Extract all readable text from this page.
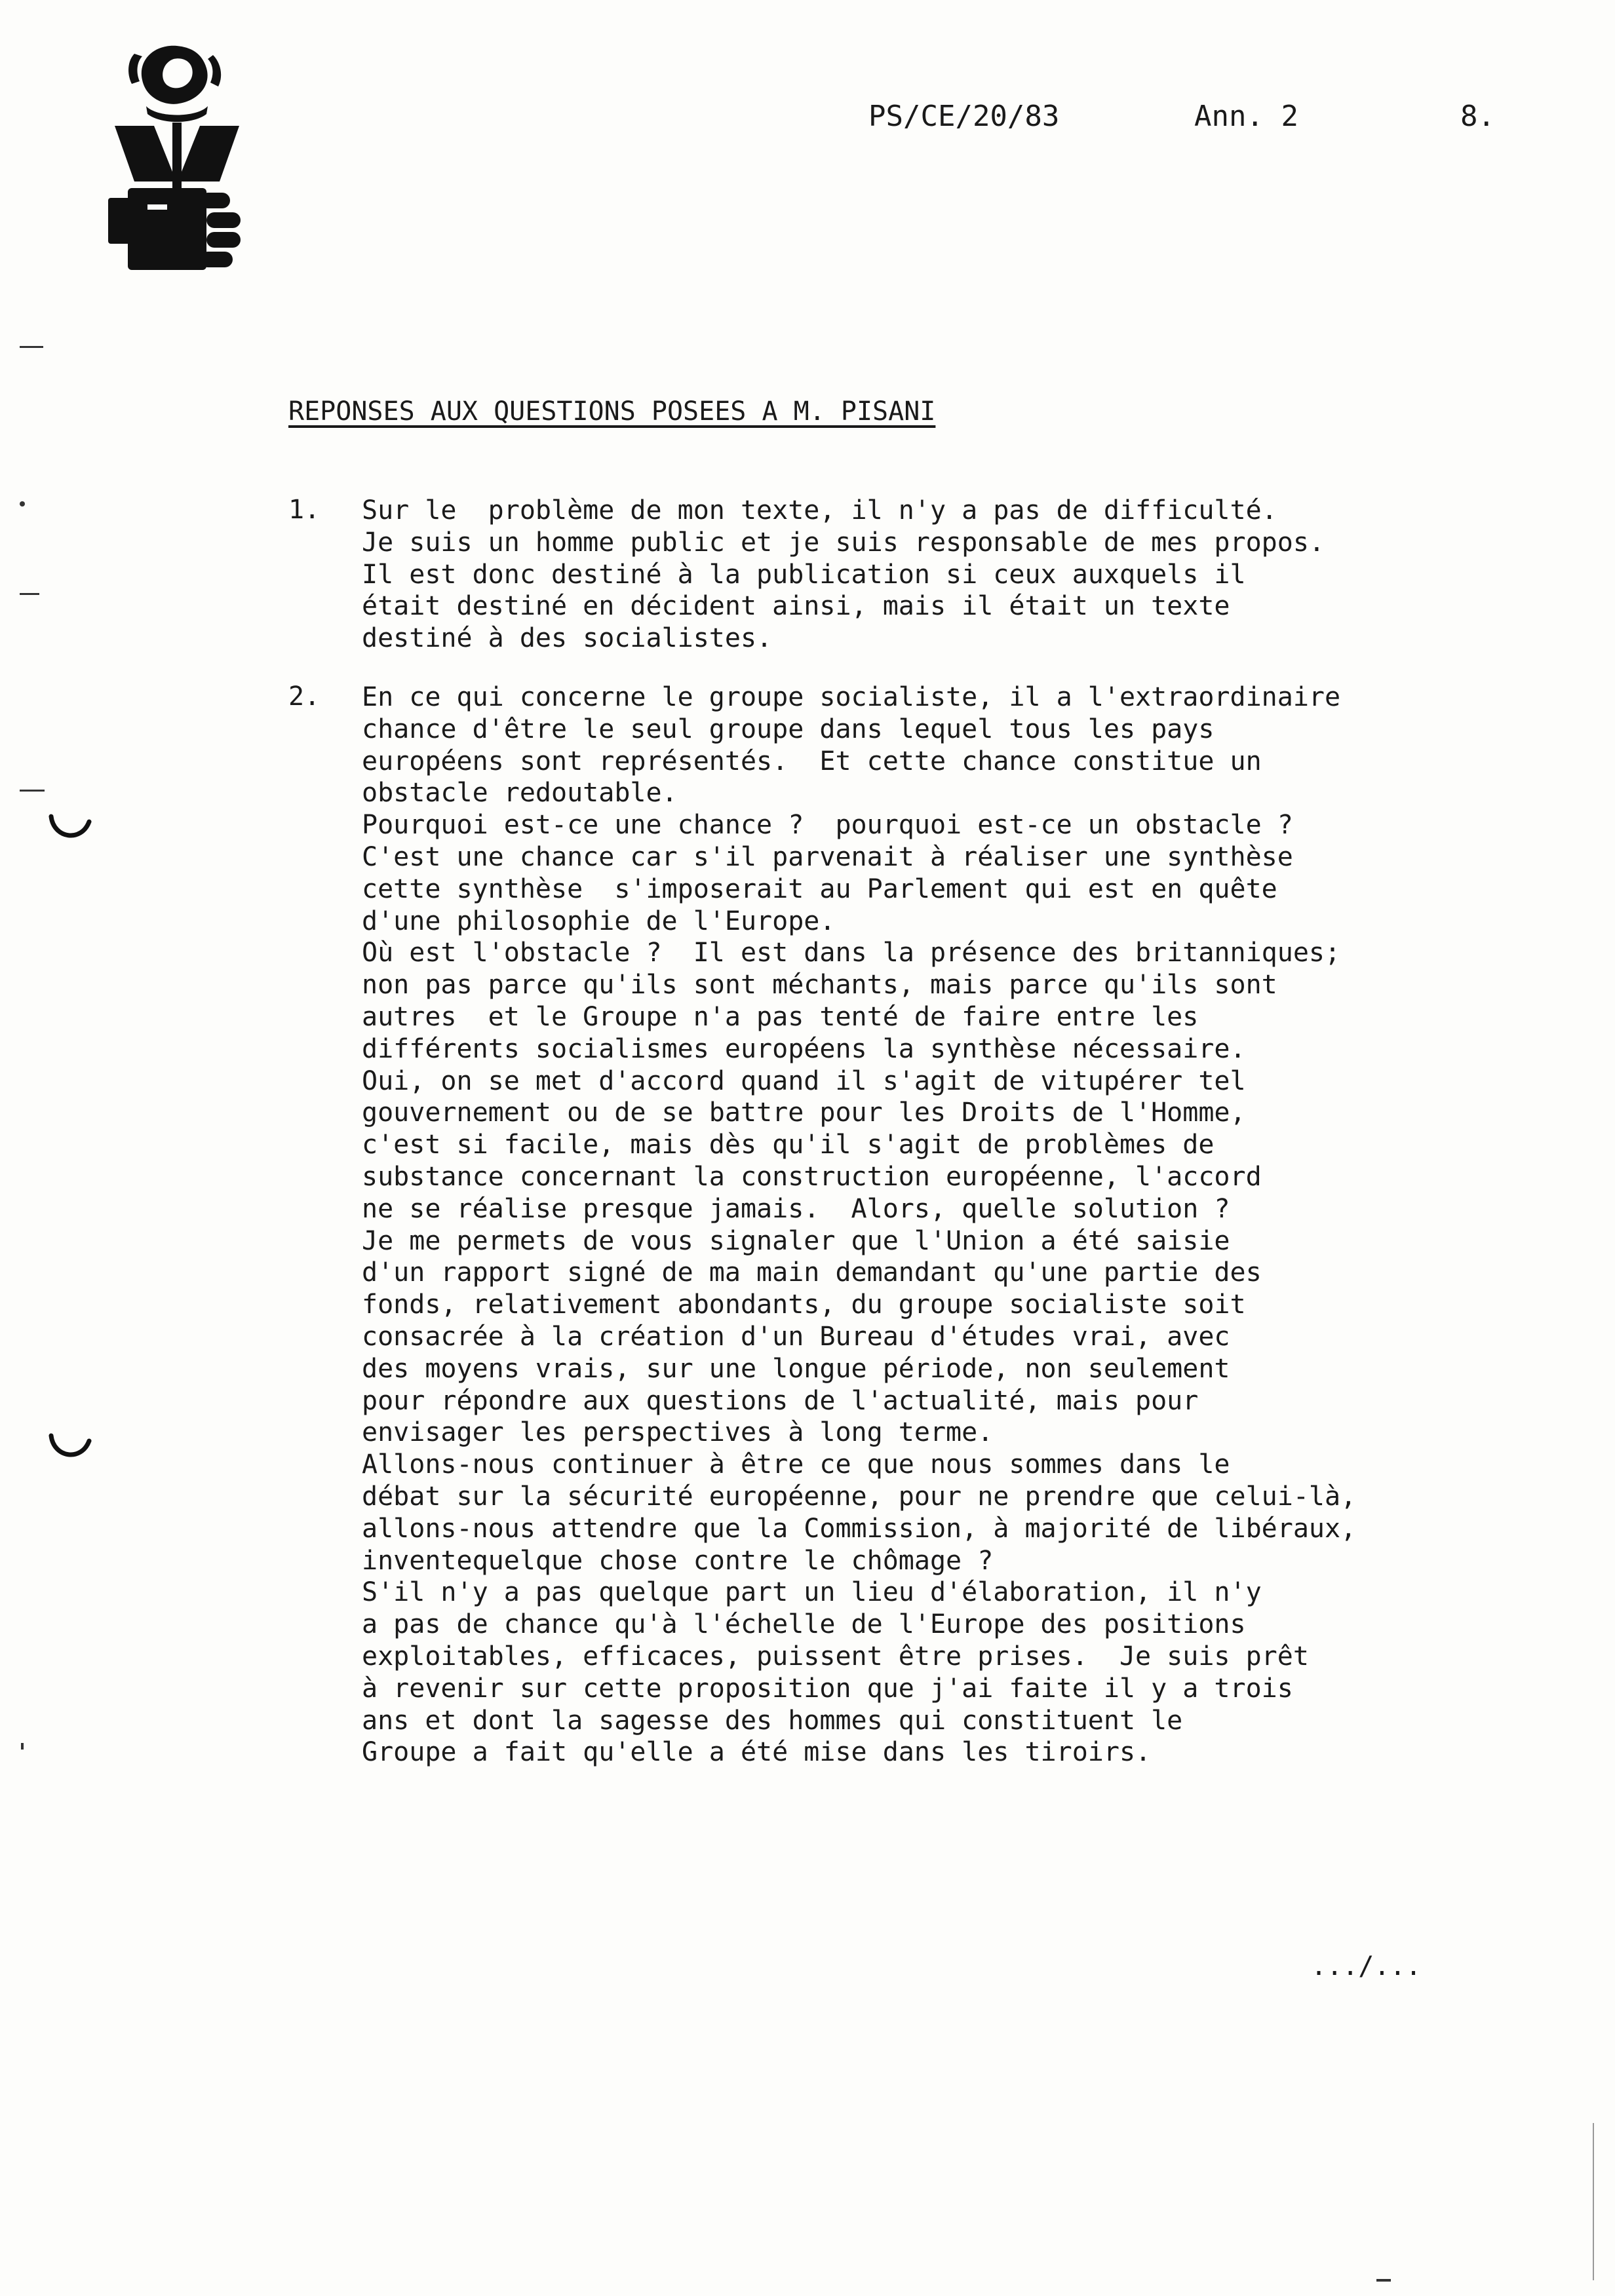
PS/CE/20/83	Ann. 2	8.
REPONSES AUX QUESTIONS POSEES A M. PISANI
1. Sur le  problème de mon texte, il n'y a pas de difficulté.
Je suis un homme public et je suis responsable de mes propos.
Il est donc destiné à la publication si ceux auxquels il
était destiné en décident ainsi, mais il était un texte
destiné à des socialistes.
2. En ce qui concerne le groupe socialiste, il a l'extraordinaire
chance d'être le seul groupe dans lequel tous les pays
européens sont représentés.  Et cette chance constitue un
obstacle redoutable.
Pourquoi est-ce une chance ?  pourquoi est-ce un obstacle ?
C'est une chance car s'il parvenait à réaliser une synthèse
cette synthèse  s'imposerait au Parlement qui est en quête
d'une philosophie de l'Europe.
Où est l'obstacle ?  Il est dans la présence des britanniques;
non pas parce qu'ils sont méchants, mais parce qu'ils sont
autres  et le Groupe n'a pas tenté de faire entre les
différents socialismes européens la synthèse nécessaire.
Oui, on se met d'accord quand il s'agit de vitupérer tel
gouvernement ou de se battre pour les Droits de l'Homme,
c'est si facile, mais dès qu'il s'agit de problèmes de
substance concernant la construction européenne, l'accord
ne se réalise presque jamais.  Alors, quelle solution ?
Je me permets de vous signaler que l'Union a été saisie
d'un rapport signé de ma main demandant qu'une partie des
fonds, relativement abondants, du groupe socialiste soit
consacrée à la création d'un Bureau d'études vrai, avec
des moyens vrais, sur une longue période, non seulement
pour répondre aux questions de l'actualité, mais pour
envisager les perspectives à long terme.
Allons-nous continuer à être ce que nous sommes dans le
débat sur la sécurité européenne, pour ne prendre que celui-là,
allons-nous attendre que la Commission, à majorité de libéraux,
inventequelque chose contre le chômage ?
S'il n'y a pas quelque part un lieu d'élaboration, il n'y
a pas de chance qu'à l'échelle de l'Europe des positions
exploitables, efficaces, puissent être prises.  Je suis prêt
à revenir sur cette proposition que j'ai faite il y a trois
ans et dont la sagesse des hommes qui constituent le
Groupe a fait qu'elle a été mise dans les tiroirs.
.../...
